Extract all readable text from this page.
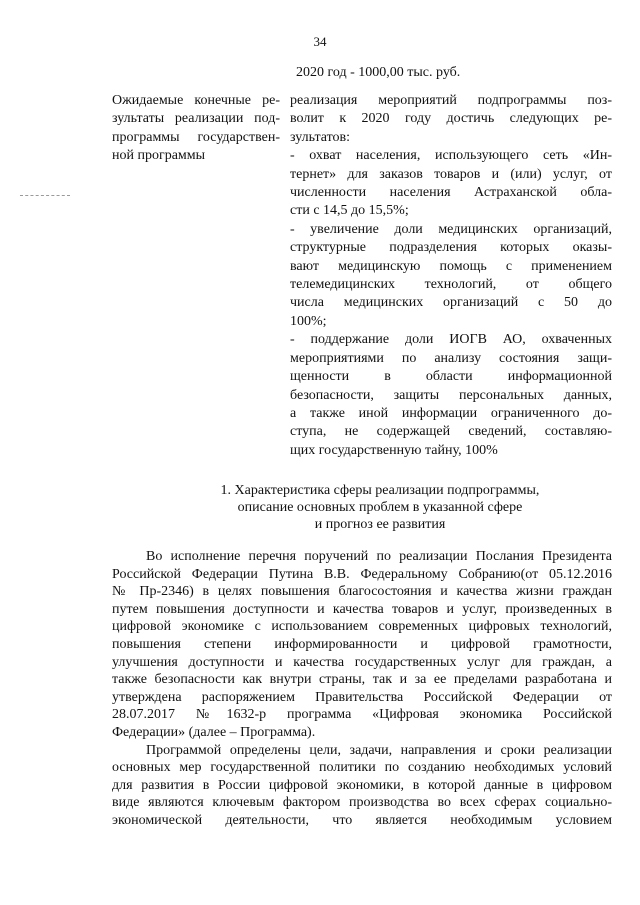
34
2020 год - 1000,00 тыс. руб.
Ожидаемые конечные ре-
зультаты реализации под-
программы государствен-
ной программы
реализация мероприятий подпрограммы поз-
волит к 2020 году достичь следующих ре-
зультатов:
- охват населения, использующего сеть «Ин-
тернет» для заказов товаров и (или) услуг, от
численности населения Астраханской обла-
сти с 14,5 до 15,5%;
- увеличение доли медицинских организаций,
структурные подразделения которых оказы-
вают медицинскую помощь с применением
телемедицинских технологий, от общего
числа медицинских организаций с 50 до
100%;
- поддержание доли ИОГВ АО, охваченных
мероприятиями по анализу состояния защи-
щенности в области информационной
безопасности, защиты персональных данных,
а также иной информации ограниченного до-
ступа, не содержащей сведений, составляю-
щих государственную тайну, 100%
1. Характеристика сферы реализации подпрограммы,
описание основных проблем в указанной сфере
и прогноз ее развития
Во исполнение перечня поручений по реализации Послания Президента
Российской Федерации Путина В.В. Федеральному Собранию(от 05.12.2016
№ Пр-2346) в целях повышения благосостояния и качества жизни граждан
путем повышения доступности и качества товаров и услуг, произведенных в
цифровой экономике с использованием современных цифровых технологий,
повышения степени информированности и цифровой грамотности,
улучшения доступности и качества государственных услуг для граждан, а
также безопасности как внутри страны, так и за ее пределами разработана и
утверждена распоряжением Правительства Российской Федерации от
28.07.2017 №1632-р программа «Цифровая экономика Российской
Федерации» (далее – Программа).
Программой определены цели, задачи, направления и сроки реализации
основных мер государственной политики по созданию необходимых условий
для развития в России цифровой экономики, в которой данные в цифровом
виде являются ключевым фактором производства во всех сферах социально-
экономической деятельности, что является необходимым условием
